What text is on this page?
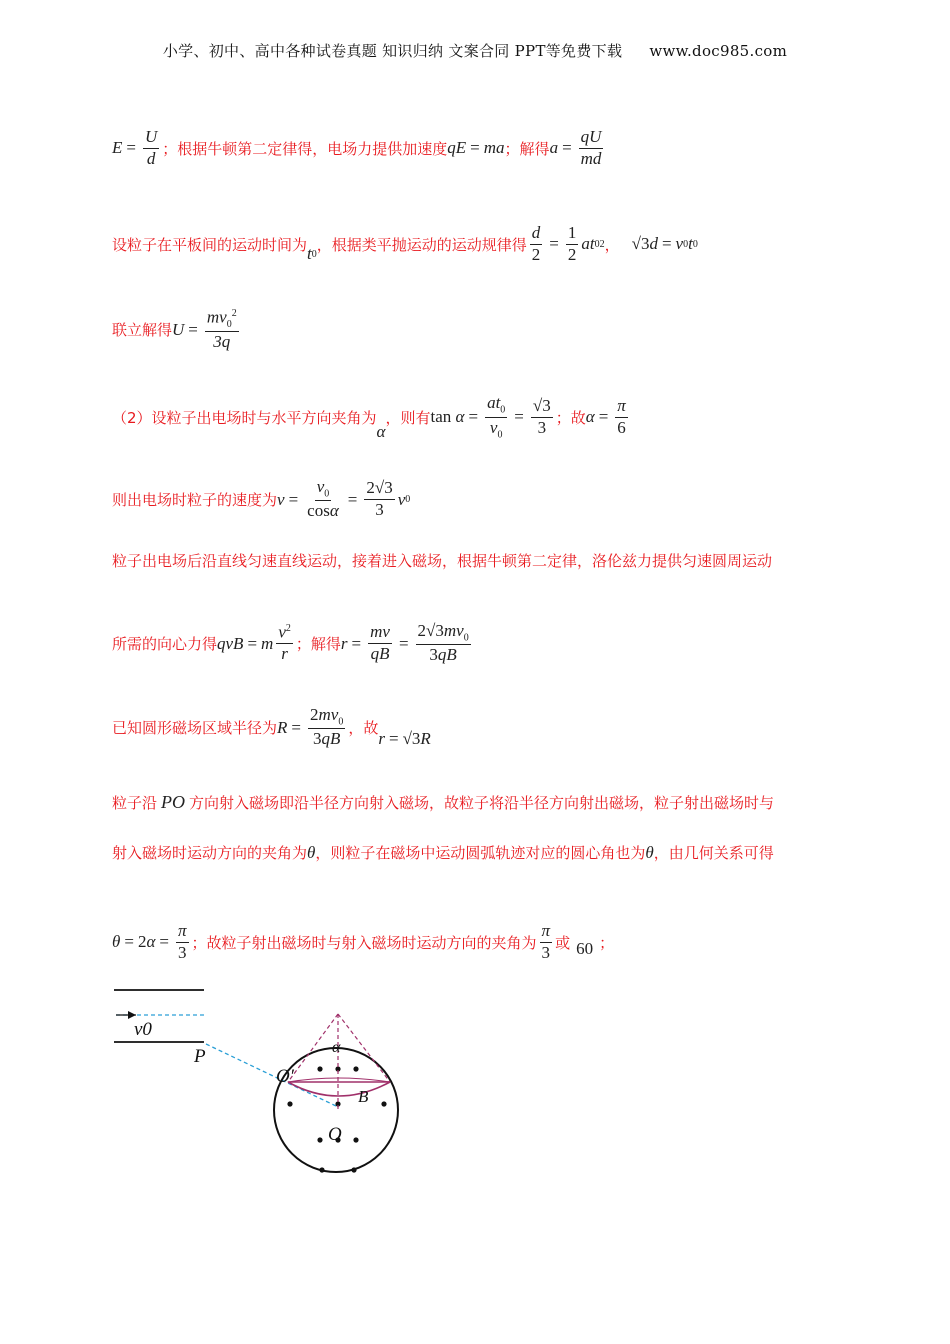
小学、初中、高中各种试卷真题 知识归纳 文案合同 PPT等免费下载 www.doc985.com
$E = \frac{U}{d}$ ；根据牛顿第二定律得，电场力提供加速度 qE = ma ；解得 $a = \frac{qU}{md}$
设粒子在平板间的运动时间为 t 0
，根据类平抛运动的运动规律得 $\frac{d}{2} = \frac{1}{2}$ at 0 2 ， √3 d = v 0 t 0
联立解得 $U = \frac{mv_0^2}{3q}$
（2）设粒子出电场时与水平方向夹角为
α
，则有 $\tan \alpha = \frac{at_0}{v_0} = \frac{√3}{3}$ ；故 $\alpha = \frac{\pi}{6}$
则出电场时粒子的速度为 $v = \frac{v_0}{\cos\alpha} = \frac{2√3}{3}$ v 0
粒子出电场后沿直线匀速直线运动，接着进入磁场，根据牛顿第二定律，洛伦兹力提供匀速圆周运动
所需的向心力得 qvB = m $\frac{v^2}{r}$ ；解得 $r = \frac{mv}{qB} = \frac{2√3mv_0}{3qB}$
已知圆形磁场区域半径为 $R = \frac{2mv_0}{3qB}$ ，故
r = √3 R
粒子沿 PO 方向射入磁场即沿半径方向射入磁场，故粒子将沿半径方向射出磁场，粒子射出磁场时与
射入磁场时运动方向的夹角为 θ ，则粒子在磁场中运动圆弧轨迹对应的圆心角也为 θ ，由几何关系可得
θ = 2 $\alpha = \frac{\pi}{3}$ ；故粒子射出磁场时与射入磁场时运动方向的夹角为 $\frac{\pi}{3}$ 或 60 ；
v0
P	α
O′
B
O
